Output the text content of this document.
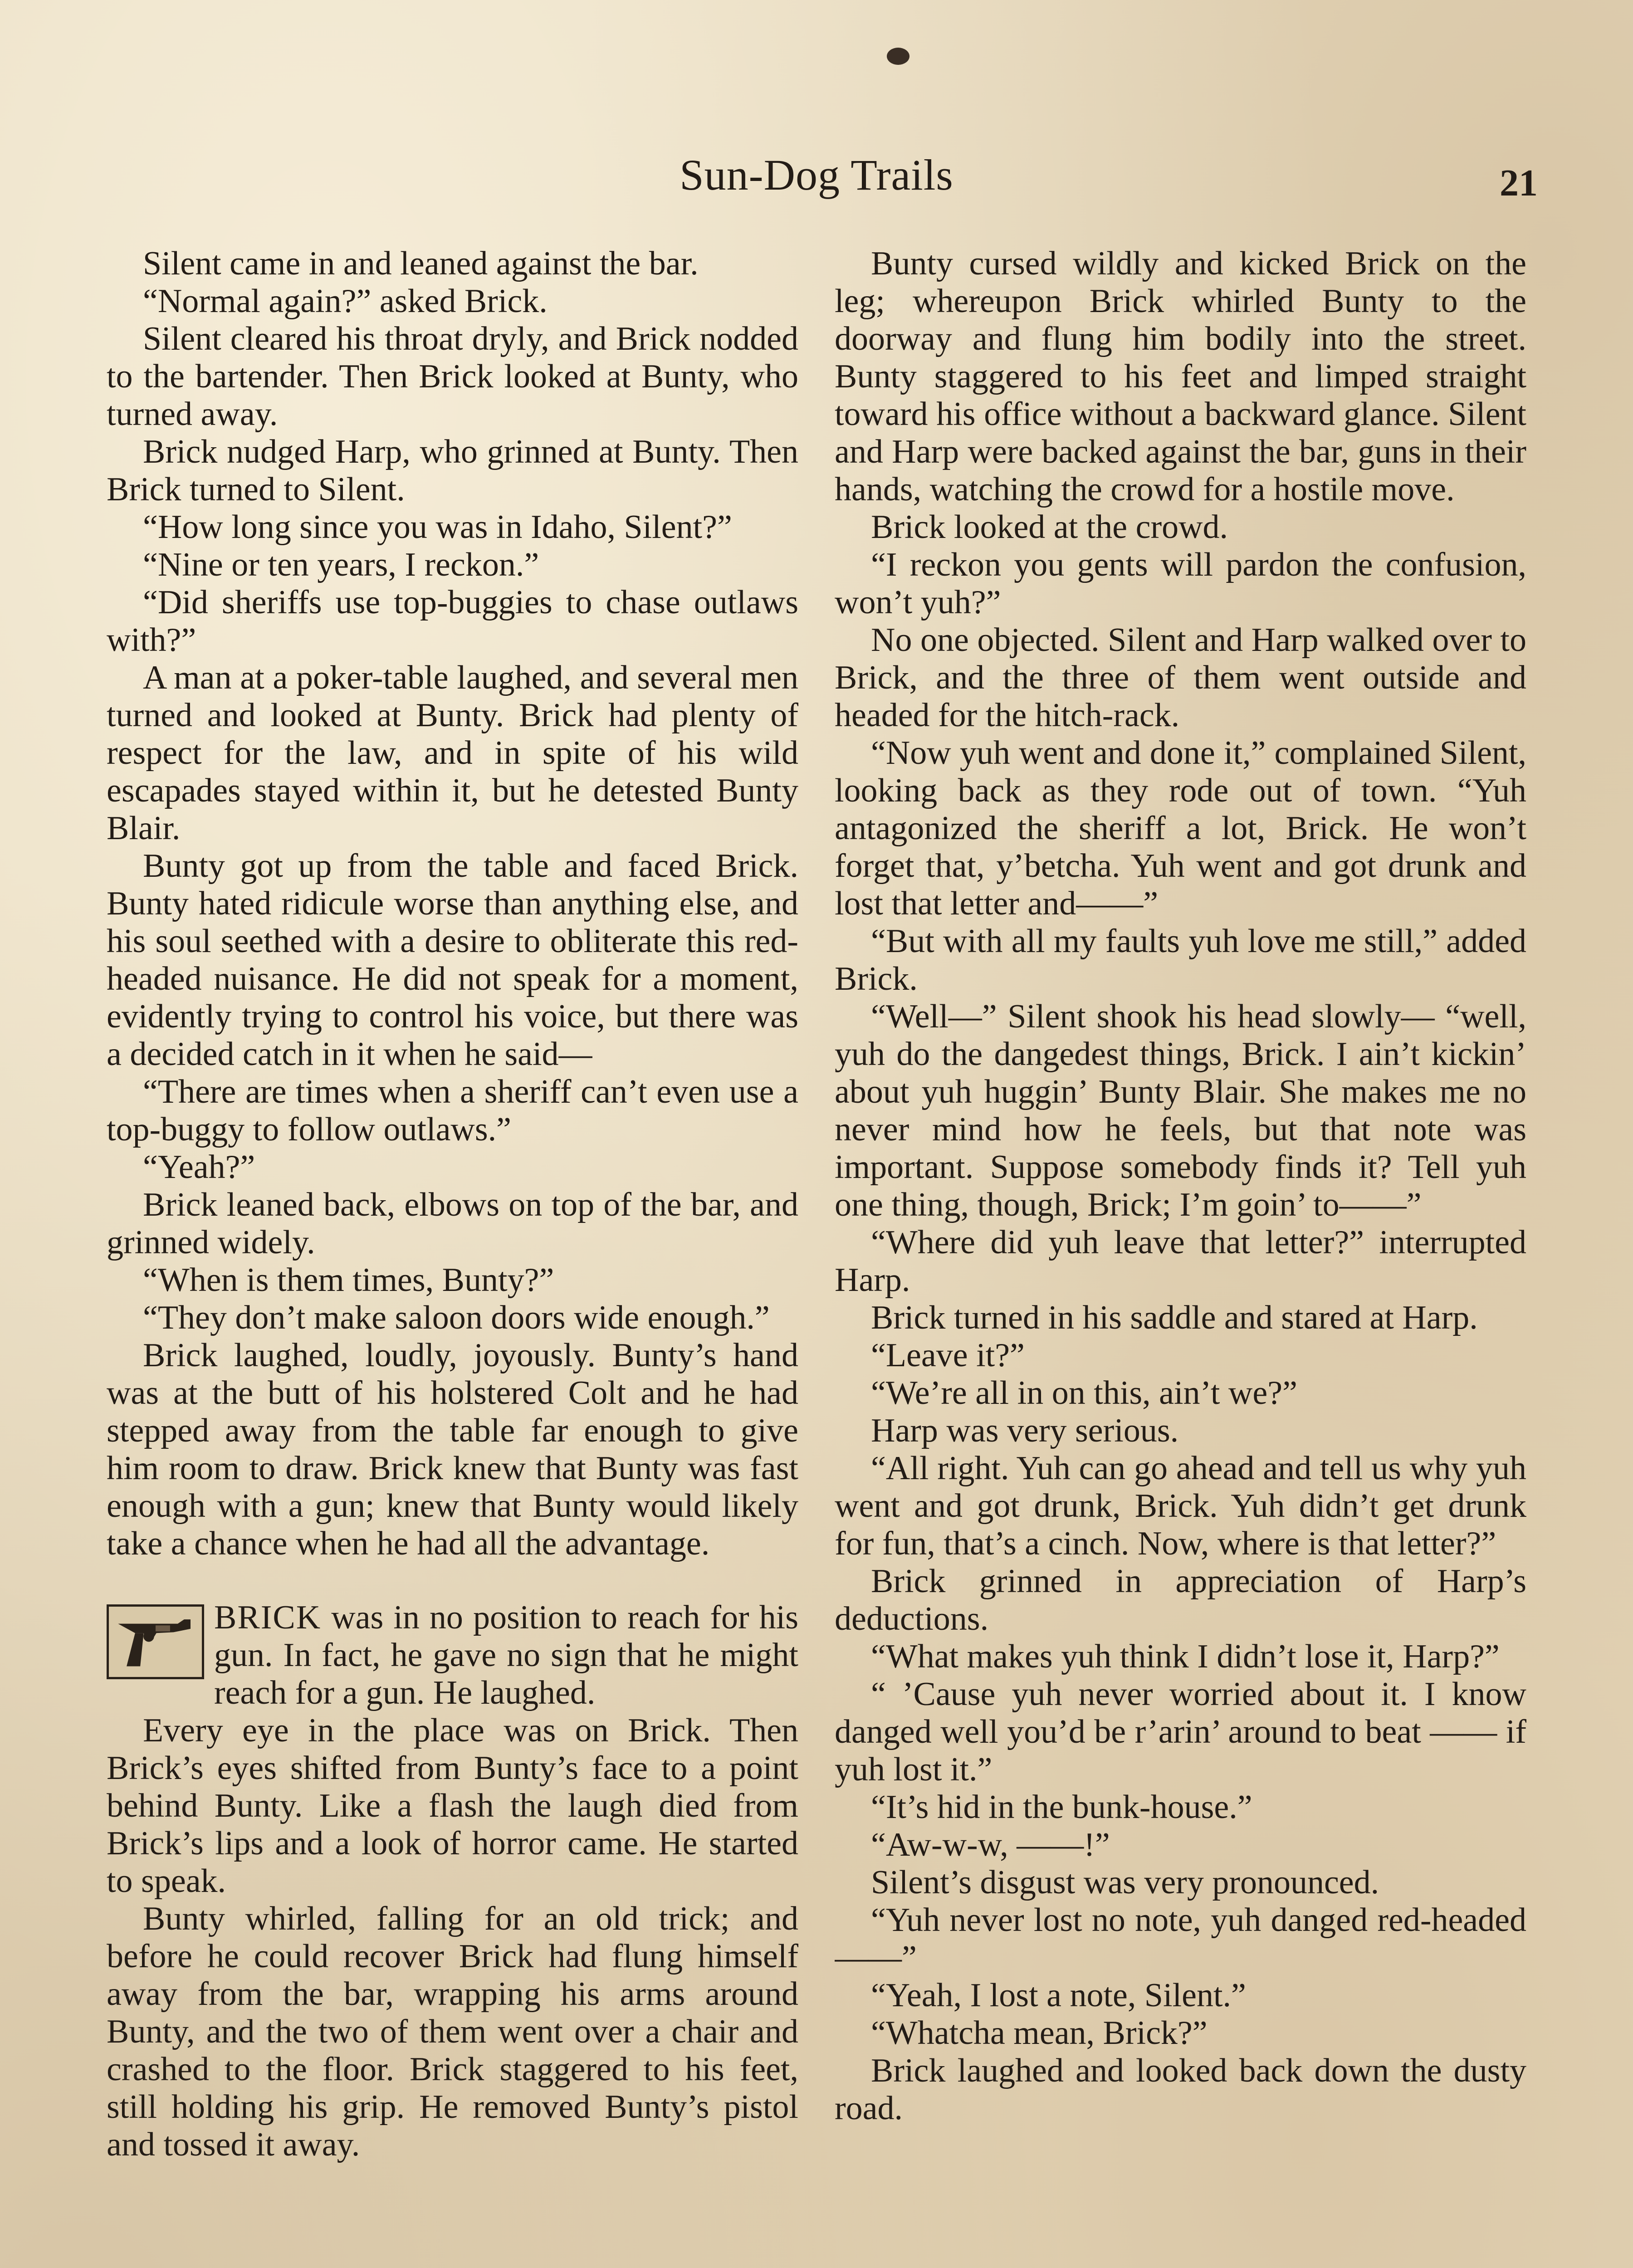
Sun-Dog Trails	21

Silent came in and leaned against the bar.

“Normal again?” asked Brick.

Silent cleared his throat dryly, and Brick nodded to the bartender. Then Brick looked at Bunty, who turned away.

Brick nudged Harp, who grinned at Bunty. Then Brick turned to Silent.

“How long since you was in Idaho, Silent?”

“Nine or ten years, I reckon.”

“Did sheriffs use top-buggies to chase outlaws with?”

A man at a poker-table laughed, and several men turned and looked at Bunty. Brick had plenty of respect for the law, and in spite of his wild escapades stayed within it, but he detested Bunty Blair.

Bunty got up from the table and faced Brick. Bunty hated ridicule worse than anything else, and his soul seethed with a desire to obliterate this red-headed nuisance. He did not speak for a moment, evidently trying to control his voice, but there was a decided catch in it when he said—

“There are times when a sheriff can’t even use a top-buggy to follow outlaws.”

“Yeah?”

Brick leaned back, elbows on top of the bar, and grinned widely.

“When is them times, Bunty?”

“They don’t make saloon doors wide enough.”

Brick laughed, loudly, joyously. Bunty’s hand was at the butt of his holstered Colt and he had stepped away from the table far enough to give him room to draw. Brick knew that Bunty was fast enough with a gun; knew that Bunty would likely take a chance when he had all the advantage.

BRICK was in no position to reach for his gun. In fact, he gave no sign that he might reach for a gun. He laughed.

Every eye in the place was on Brick. Then Brick’s eyes shifted from Bunty’s face to a point behind Bunty. Like a flash the laugh died from Brick’s lips and a look of horror came. He started to speak.

Bunty whirled, falling for an old trick; and before he could recover Brick had flung himself away from the bar, wrapping his arms around Bunty, and the two of them went over a chair and crashed to the floor. Brick staggered to his feet, still holding his grip. He removed Bunty’s pistol and tossed it away.

Bunty cursed wildly and kicked Brick on the leg; whereupon Brick whirled Bunty to the doorway and flung him bodily into the street. Bunty staggered to his feet and limped straight toward his office without a backward glance. Silent and Harp were backed against the bar, guns in their hands, watching the crowd for a hostile move.

Brick looked at the crowd.

“I reckon you gents will pardon the confusion, won’t yuh?”

No one objected. Silent and Harp walked over to Brick, and the three of them went outside and headed for the hitch-rack.

“Now yuh went and done it,” complained Silent, looking back as they rode out of town. “Yuh antagonized the sheriff a lot, Brick. He won’t forget that, y’betcha. Yuh went and got drunk and lost that letter and——”

“But with all my faults yuh love me still,” added Brick.

“Well—” Silent shook his head slowly— “well, yuh do the dangedest things, Brick. I ain’t kickin’ about yuh huggin’ Bunty Blair. She makes me no never mind how he feels, but that note was important. Suppose somebody finds it? Tell yuh one thing, though, Brick; I’m goin’ to——”

“Where did yuh leave that letter?” interrupted Harp.

Brick turned in his saddle and stared at Harp.

“Leave it?”

“We’re all in on this, ain’t we?”

Harp was very serious.

“All right. Yuh can go ahead and tell us why yuh went and got drunk, Brick. Yuh didn’t get drunk for fun, that’s a cinch. Now, where is that letter?”

Brick grinned in appreciation of Harp’s deductions.

“What makes yuh think I didn’t lose it, Harp?”

“ ’Cause yuh never worried about it. I know danged well you’d be r’arin’ around to beat —— if yuh lost it.”

“It’s hid in the bunk-house.”

“Aw-w-w, ——!”

Silent’s disgust was very pronounced.

“Yuh never lost no note, yuh danged red-headed——”

“Yeah, I lost a note, Silent.”

“Whatcha mean, Brick?”

Brick laughed and looked back down the dusty road.
